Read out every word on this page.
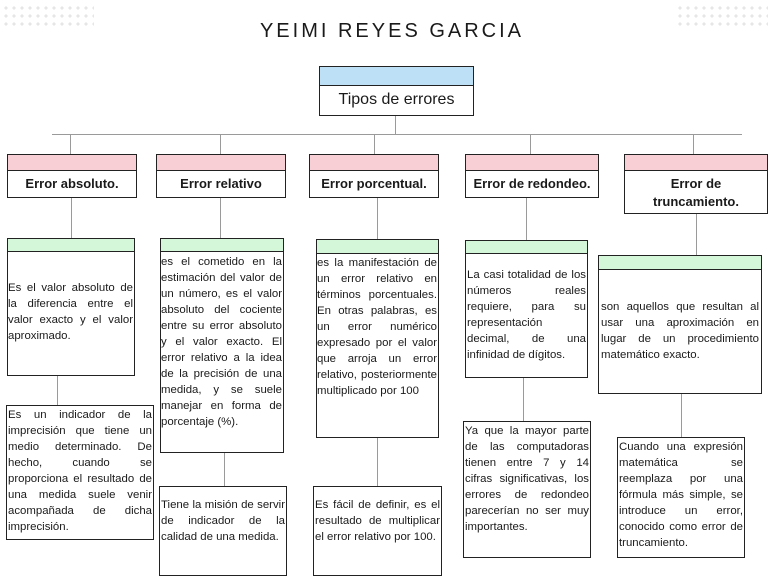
YEIMI REYES GARCIA
Tipos de errores
Error absoluto.	Error relativo	Error porcentual.	Error de redondeo.	Error de truncamiento.
Es el valor absoluto de la diferencia entre el valor exacto y el valor aproximado.
es el cometido en la estimación del valor de un número, es el valor absoluto del cociente entre su error absoluto y el valor exacto. El error relativo a la idea de la precisión de una medida, y se suele manejar en forma de porcentaje (%).
es la manifestación de un error relativo en términos porcentuales. En otras palabras, es un error numérico expresado por el valor que arroja un error relativo, posteriormente multiplicado por 100
La casi totalidad de los números reales requiere, para su representación decimal, de una infinidad de dígitos.
son aquellos que resultan al usar una aproximación en lugar de un procedimiento matemático exacto.
Es un indicador de la imprecisión que tiene un medio determinado. De hecho, cuando se proporciona el resultado de una medida suele venir acompañada de dicha imprecisión.
Tiene la misión de servir de indicador de la calidad de una medida.
Es fácil de definir, es el resultado de multiplicar el error relativo por 100.
Ya que la mayor parte de las computadoras tienen entre 7 y 14 cifras significativas, los errores de redondeo parecerían no ser muy importantes.
Cuando una expresión matemática se reemplaza por una fórmula más simple, se introduce un error, conocido como error de truncamiento.
